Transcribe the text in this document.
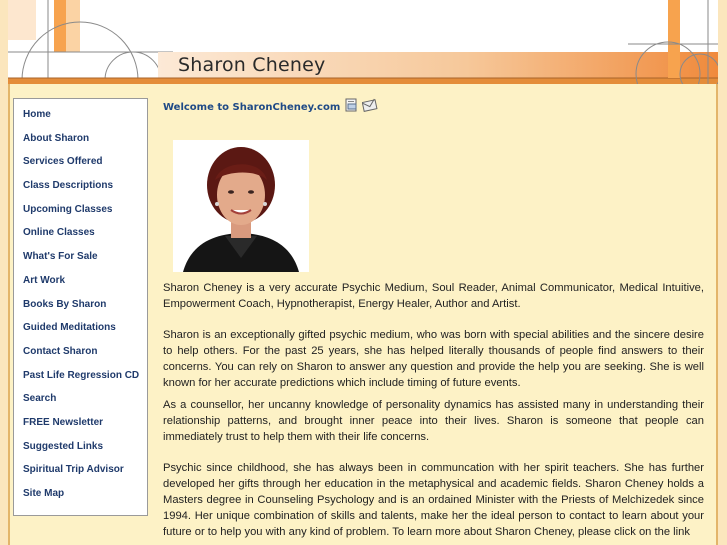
Sharon Cheney
Home
About Sharon
Services Offered
Class Descriptions
Upcoming Classes
Online Classes
What's For Sale
Art Work
Books By Sharon
Guided Meditations
Contact Sharon
Past Life Regression CD
Search
FREE Newsletter
Suggested Links
Spiritual Trip Advisor
Site Map
Welcome to SharonCheney.com

Sharon Cheney is a very accurate Psychic Medium, Soul Reader, Animal Communicator, Medical Intuitive, Empowerment Coach, Hypnotherapist, Energy Healer, Author and Artist.

Sharon is an exceptionally gifted psychic medium, who was born with special abilities and the sincere desire to help others. For the past 25 years, she has helped literally thousands of people find answers to their concerns. You can rely on Sharon to answer any question and provide the help you are seeking. She is well known for her accurate predictions which include timing of future events.

As a counsellor, her uncanny knowledge of personality dynamics has assisted many in understanding their relationship patterns, and brought inner peace into their lives. Sharon is someone that people can immediately trust to help them with their life concerns.

Psychic since childhood, she has always been in communcation with her spirit teachers. She has further developed her gifts through her education in the metaphysical and academic fields. Sharon Cheney holds a Masters degree in Counseling Psychology and is an ordained Minister with the Priests of Melchizedek since 1994. Her unique combination of skills and talents, make her the ideal person to contact to learn about your future or to help you with any kind of problem. To learn more about Sharon Cheney, please click on the link
